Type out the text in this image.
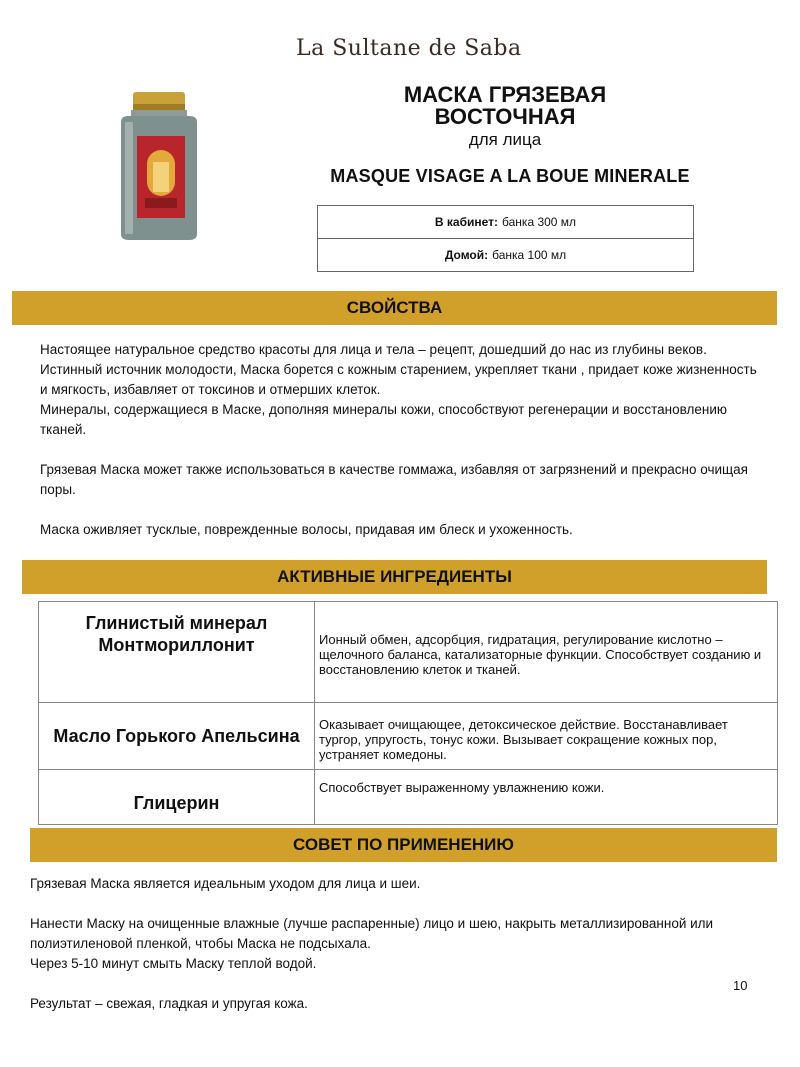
La Sultane de Saba
МАСКА ГРЯЗЕВАЯ
ВОСТОЧНАЯ
для лица
MASQUE VISAGE A LA BOUE MINERALE
В кабинет: банка 300 мл
Домой: банка 100 мл
СВОЙСТВА

Настоящее натуральное средство красоты для лица и тела – рецепт, дошедший до нас из глубины веков.

Истинный источник молодости, Маска борется с кожным старением, укрепляет ткани , придает коже жизненность и мягкость, избавляет от токсинов и отмерших клеток.

Минералы, содержащиеся в Маске, дополняя минералы кожи, способствуют регенерации и восстановлению тканей.

Грязевая Маска может также использоваться в качестве гоммажа, избавляя от загрязнений и прекрасно очищая поры.

Маска оживляет тусклые, поврежденные волосы, придавая им блеск и ухоженность.

АКТИВНЫЕ ИНГРЕДИЕНТЫ
Глинистый минерал Монтмориллонит	Ионный обмен, адсорбция, гидратация, регулирование кислотно – щелочного баланса, катализаторные функции. Способствует созданию и восстановлению клеток и тканей.
Масло Горького Апельсина
Оказывает очищающее, детоксическое действие. Восстанавливает тургор, упругость, тонус кожи. Вызывает сокращение кожных пор, устраняет комедоны.
Глицерин
Способствует выраженному увлажнению кожи.
СОВЕТ ПО ПРИМЕНЕНИЮ

Грязевая Маска является идеальным уходом для лица и шеи.

Нанести Маску на очищенные влажные (лучше распаренные) лицо и шею, накрыть металлизированной или полиэтиленовой пленкой, чтобы Маска не подсыхала.

Через 5-10 минут смыть Маску теплой водой.

Результат – свежая, гладкая и упругая кожа.

10
